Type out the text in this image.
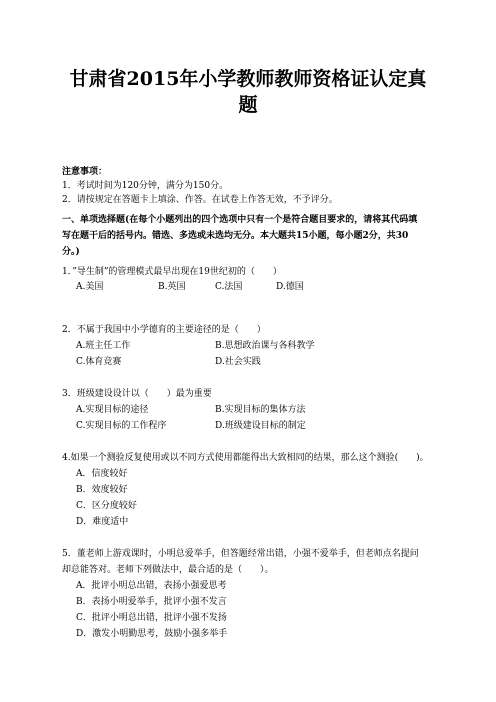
甘肃省2015年小学教师教师资格证认定真
题
注意事项：
1．考试时间为120分钟，满分为150分。
2．请按规定在答题卡上填涂、作答。在试卷上作答无效，不予评分。
一、单项选择题(在每个小题列出的四个选项中只有一个是符合题目要求的，请将其代码填
写在题干后的括号内。错选、多选或未选均无分。本大题共15小题，每小题2分，共30
分。)
1．”导生制”的管理模式最早出现在19世纪初的（　　）
A.美国	B.英国	C.法国	D.德国
2．不属于我国中小学德育的主要途径的是（　　）
A.班主任工作	B.思想政治课与各科教学
C.体育竞赛	D.社会实践
3．班级建设设计以（　　）最为重要
A.实现目标的途径	B.实现目标的集体方法
C.实现目标的工作程序	D.班级建设目标的制定
4.如果一个测验反复使用或以不同方式使用都能得出大致相同的结果，那么这个测验(　　)。
A．信度较好
B．效度较好
C．区分度较好
D．难度适中
5．董老师上游戏课时，小明总爱举手，但答题经常出错，小强不爱举手，但老师点名提问
却总能答对。老师下列做法中，最合适的是（　　）。
A．批评小明总出错，表扬小强爱思考
B．表扬小明爱举手，批评小强不发言
C．批评小明总出错，批评小强不发扬
D．激发小明勤思考，鼓励小强多举手
